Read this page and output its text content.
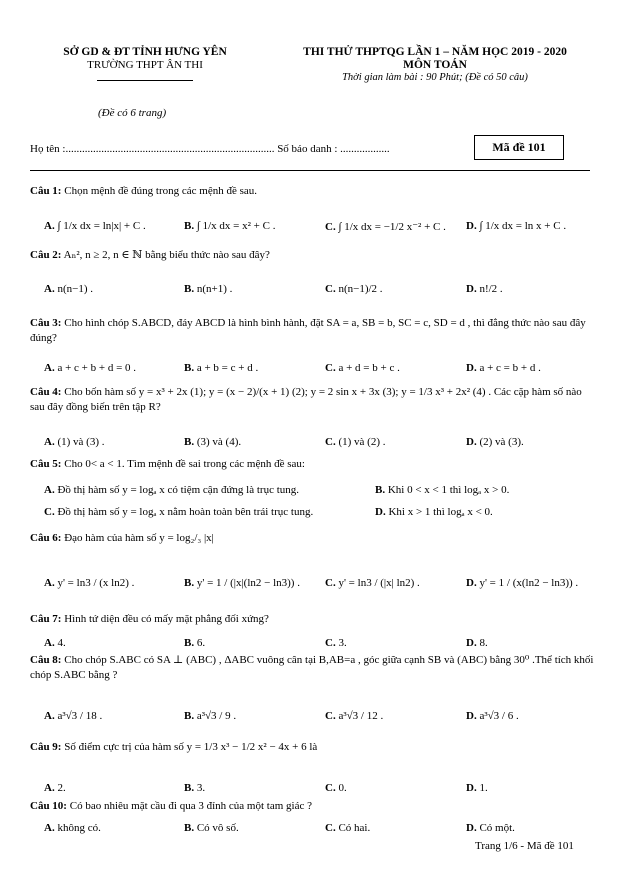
SỞ GD & ĐT TỈNH HƯNG YÊN
TRƯỜNG THPT ÂN THI
THI THỬ THPTQG LẦN 1 – NĂM HỌC 2019 - 2020
MÔN TOÁN
Thời gian làm bài : 90 Phút; (Đề có 50 câu)
(Đề có 6 trang)
Họ tên :............................................................................ Số báo danh : ..................	Mã đề 101
Câu 1: Chọn mệnh đề đúng trong các mệnh đề sau.
A. ∫ 1/x dx = ln|x| + C .	B. ∫ 1/x dx = x² + C .	C. ∫ 1/x dx = −1/2 x⁻² + C . D. ∫ 1/x dx = ln x + C .
Câu 2: Aₙ², n ≥ 2, n ∈ ℕ bằng biểu thức nào sau đây?
A. n(n−1) .	B. n(n+1) .	C. n(n−1)/2 .	D. n!/2 .
Câu 3: Cho hình chóp S.ABCD, đáy ABCD là hình bình hành, đặt SA = a, SB = b, SC = c, SD = d , thì đẳng thức nào sau đây đúng?
A. a + c + b + d = 0 .	B. a + b = c + d .	C. a + d = b + c .	D. a + c = b + d .
Câu 4: Cho bốn hàm số y = x³ + 2x (1); y = (x − 2)/(x + 1) (2); y = 2 sin x + 3x (3); y = 1/3 x³ + 2x² (4) . Các cặp hàm số nào sau đây đồng biến trên tập R?
A. (1) và (3) .	B. (3) và (4).	C. (1) và (2) .	D. (2) và (3).
Câu 5: Cho 0< a < 1. Tìm mệnh đề sai trong các mệnh đề sau:
A. Đồ thị hàm số y = logₐ x có tiệm cận đứng là trục tung.	B. Khi 0 < x < 1 thì logₐ x > 0.
C. Đồ thị hàm số y = logₐ x nằm hoàn toàn bên trái trục tung.	D. Khi x > 1 thì logₐ x < 0.
Câu 6: Đạo hàm của hàm số y = log₂/₃ |x|
A. y' = ln3 / (x ln2) .	B. y' = 1 / (|x|(ln2 − ln3)) . C. y' = ln3 / (|x| ln2) .	D. y' = 1 / (x(ln2 − ln3)) .
Câu 7: Hình tứ diện đều có mấy mặt phẳng đối xứng?
A. 4.	B. 6.	C. 3.	D. 8.
Câu 8: Cho chóp S.ABC có SA ⊥ (ABC) , ΔABC vuông cân tại B,AB=a , góc giữa cạnh SB và (ABC) bằng 30⁰ .Thể tích khối chóp S.ABC bằng ?
A. a³√3 / 18 .	B. a³√3 / 9 .	C. a³√3 / 12 .	D. a³√3 / 6 .
Câu 9: Số điểm cực trị của hàm số y = 1/3 x³ − 1/2 x² − 4x + 6 là
A. 2.	B. 3.	C. 0.	D. 1.
Câu 10: Có bao nhiêu mặt cầu đi qua 3 đỉnh của một tam giác ?
A. không có.	B. Có vô số.	C. Có hai.	D. Có một.
Trang 1/6 - Mã đề 101
